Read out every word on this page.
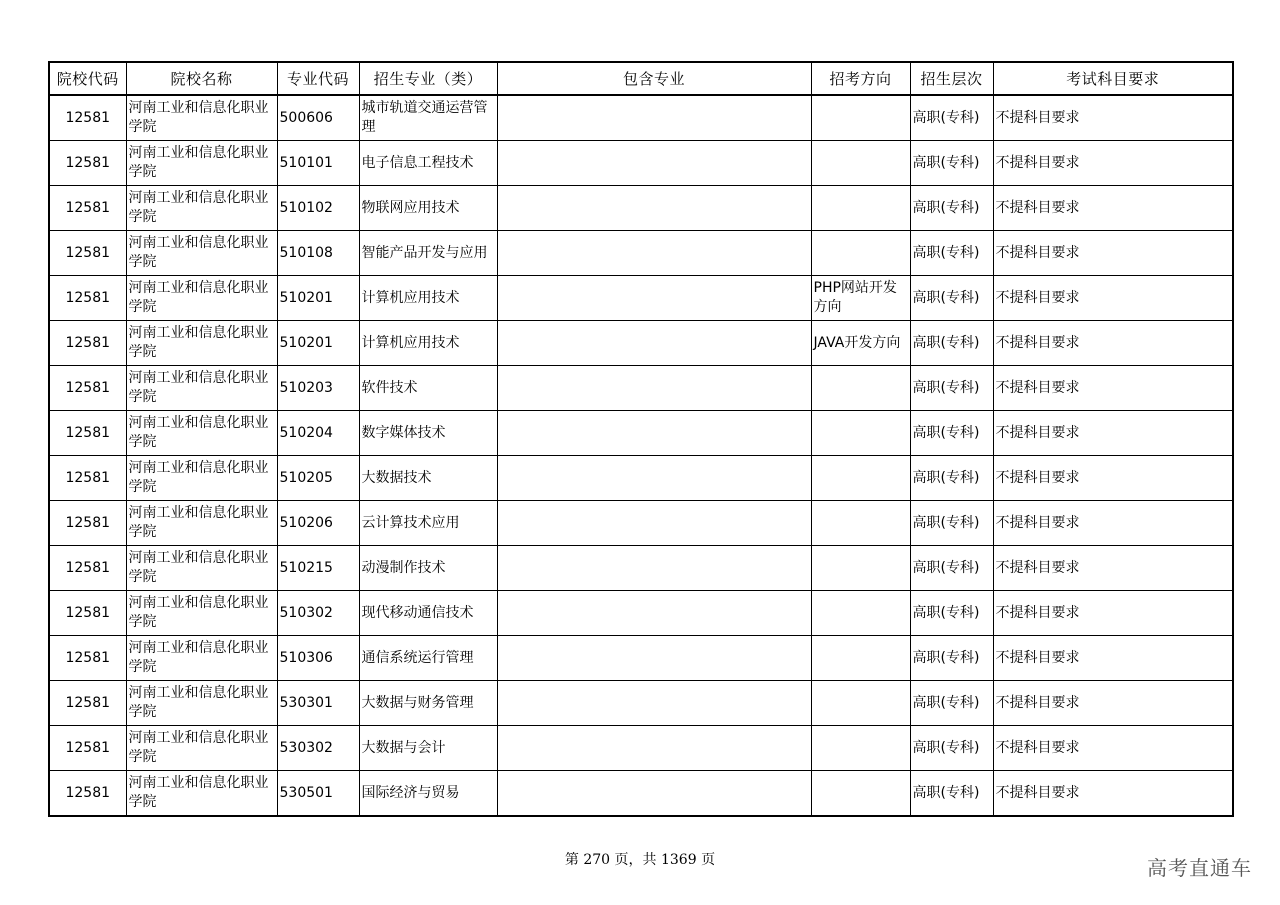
院校代码	院校名称	专业代码	招生专业（类）	包含专业	招考方向	招生层次	考试科目要求
12581	河南工业和信息化职业学院	500606	城市轨道交通运营管理			高职(专科)	不提科目要求
12581	河南工业和信息化职业学院	510101	电子信息工程技术			高职(专科)	不提科目要求
12581	河南工业和信息化职业学院	510102	物联网应用技术			高职(专科)	不提科目要求
12581	河南工业和信息化职业学院	510108	智能产品开发与应用			高职(专科)	不提科目要求
12581	河南工业和信息化职业学院	510201	计算机应用技术		PHP网站开发方向	高职(专科)	不提科目要求
12581	河南工业和信息化职业学院	510201	计算机应用技术		JAVA开发方向	高职(专科)	不提科目要求
12581	河南工业和信息化职业学院	510203	软件技术			高职(专科)	不提科目要求
12581	河南工业和信息化职业学院	510204	数字媒体技术			高职(专科)	不提科目要求
12581	河南工业和信息化职业学院	510205	大数据技术			高职(专科)	不提科目要求
12581	河南工业和信息化职业学院	510206	云计算技术应用			高职(专科)	不提科目要求
12581	河南工业和信息化职业学院	510215	动漫制作技术			高职(专科)	不提科目要求
12581	河南工业和信息化职业学院	510302	现代移动通信技术			高职(专科)	不提科目要求
12581	河南工业和信息化职业学院	510306	通信系统运行管理			高职(专科)	不提科目要求
12581	河南工业和信息化职业学院	530301	大数据与财务管理			高职(专科)	不提科目要求
12581	河南工业和信息化职业学院	530302	大数据与会计			高职(专科)	不提科目要求
12581	河南工业和信息化职业学院	530501	国际经济与贸易			高职(专科)	不提科目要求
第 270 页，共 1369 页	高考直通车
